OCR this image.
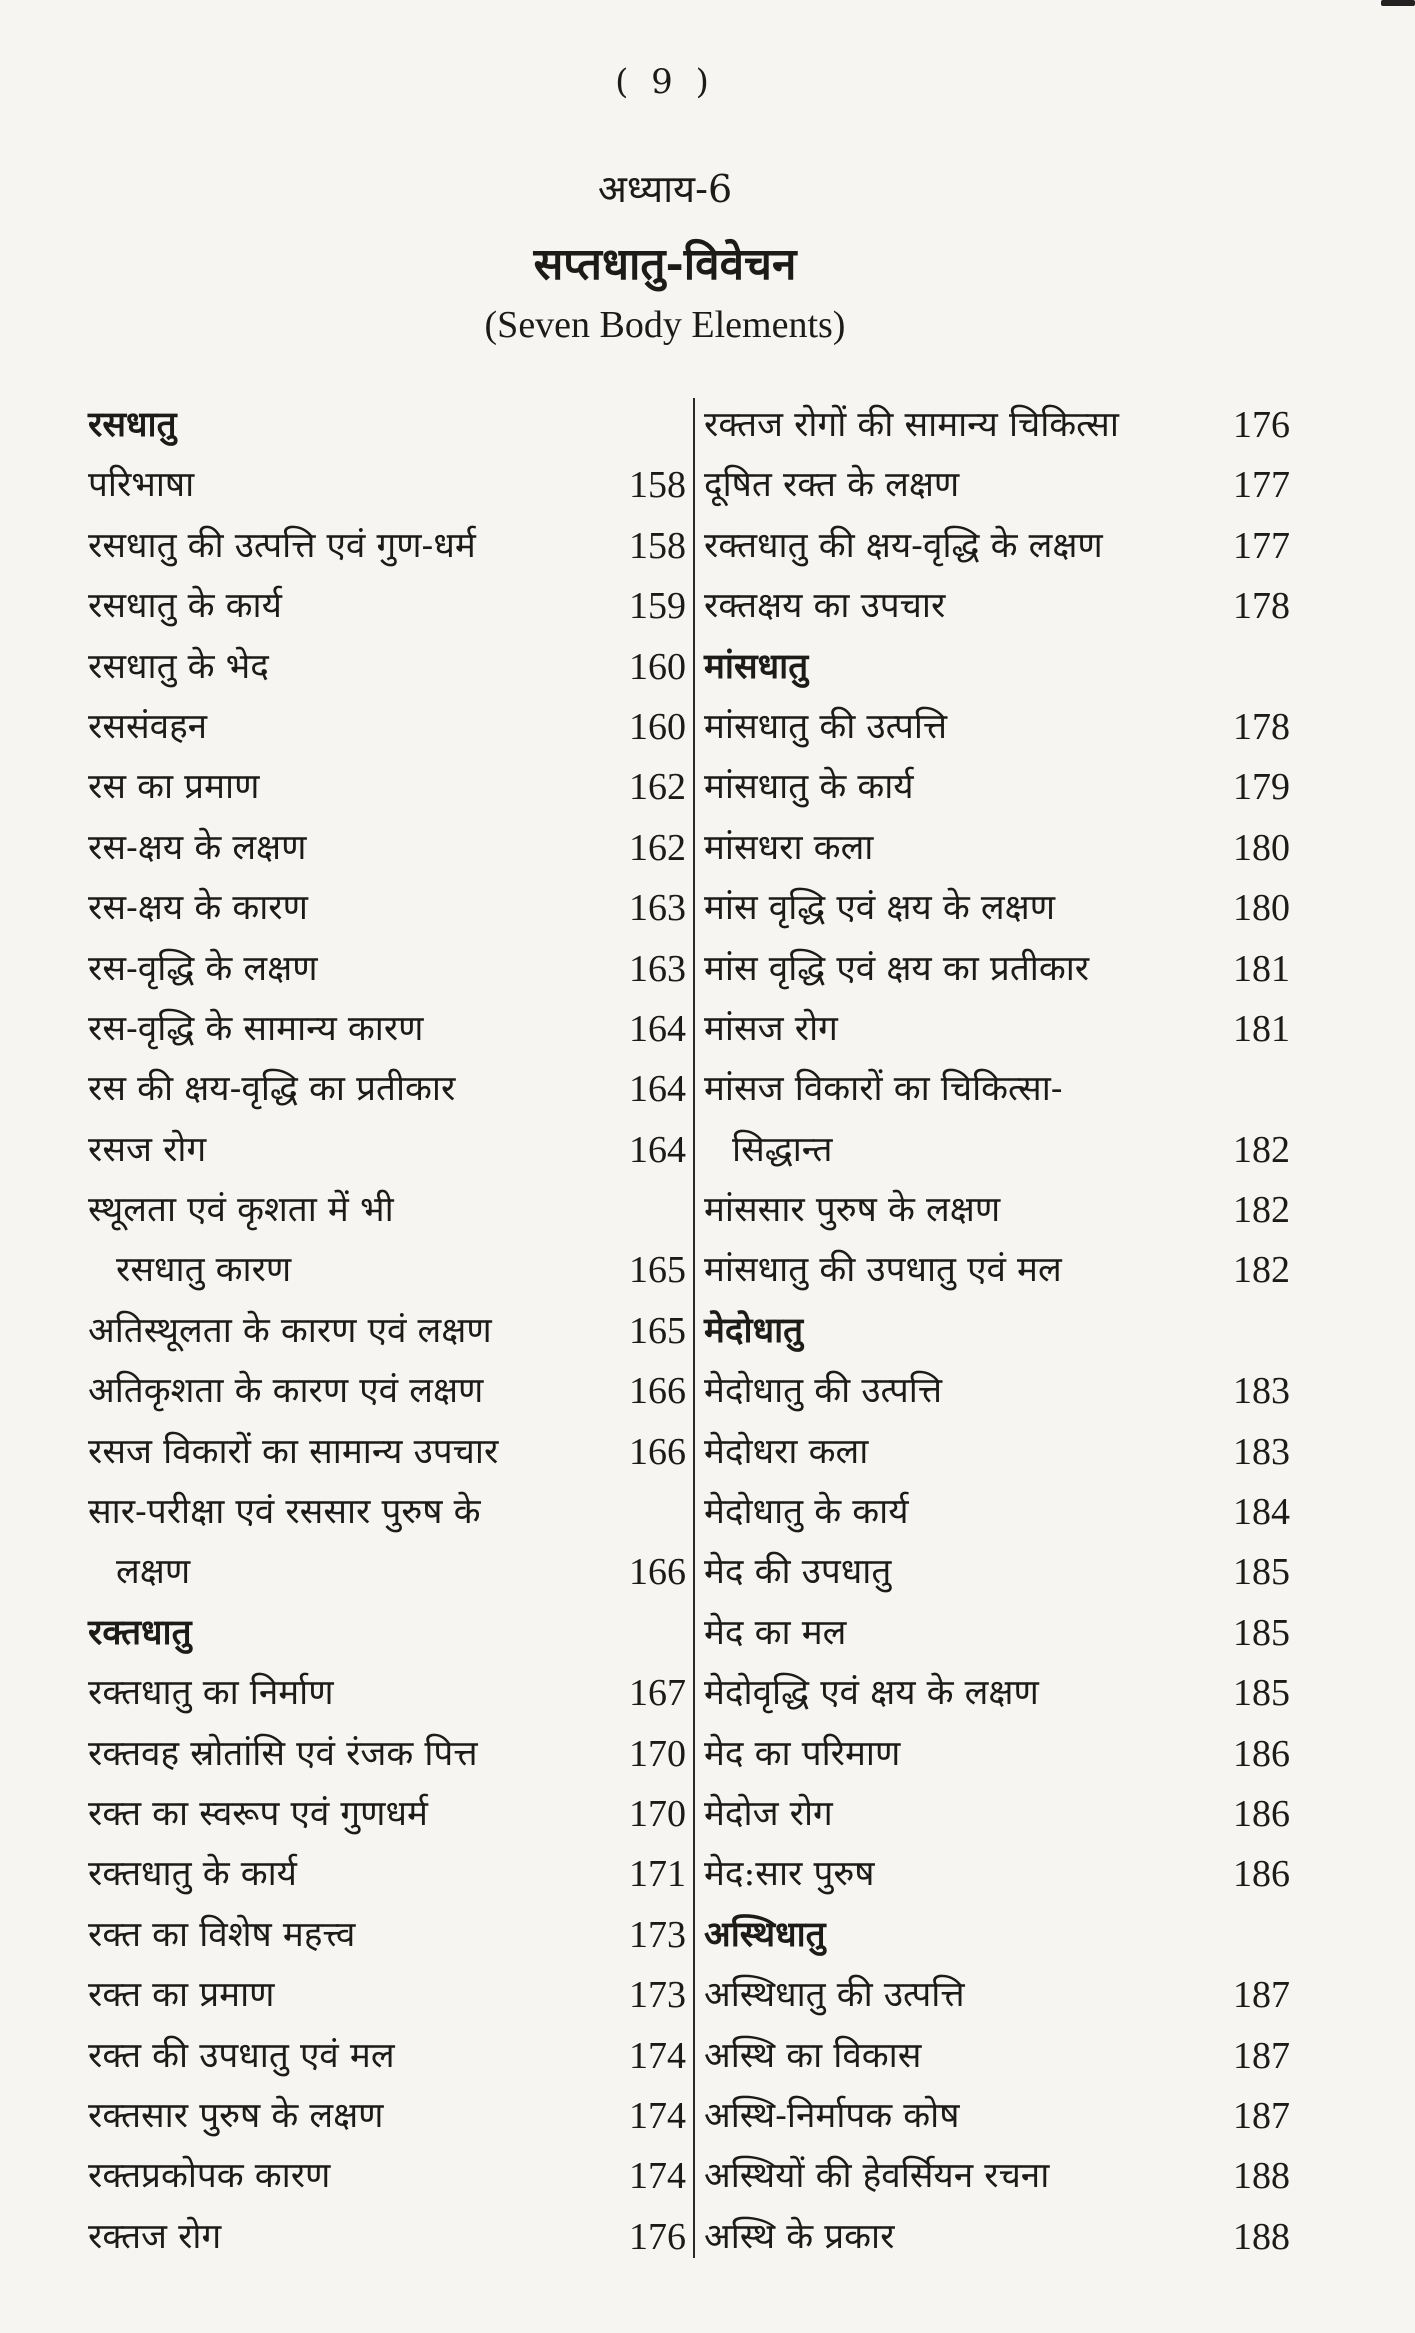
( 9 )
अध्याय-6
सप्तधातु-विवेचन
(Seven Body Elements)
रसधातु
परिभाषा	158
रसधातु की उत्पत्ति एवं गुण-धर्म	158
रसधातु के कार्य	159
रसधातु के भेद	160
रससंवहन	160
रस का प्रमाण	162
रस-क्षय के लक्षण	162
रस-क्षय के कारण	163
रस-वृद्धि के लक्षण	163
रस-वृद्धि के सामान्य कारण	164
रस की क्षय-वृद्धि का प्रतीकार	164
रसज रोग	164
स्थूलता एवं कृशता में भी
रसधातु कारण	165
अतिस्थूलता के कारण एवं लक्षण	165
अतिकृशता के कारण एवं लक्षण	166
रसज विकारों का सामान्य उपचार	166
सार-परीक्षा एवं रससार पुरुष के
लक्षण	166
रक्तधातु
रक्तधातु का निर्माण	167
रक्तवह स्रोतांसि एवं रंजक पित्त	170
रक्त का स्वरूप एवं गुणधर्म	170
रक्तधातु के कार्य	171
रक्त का विशेष महत्त्व	173
रक्त का प्रमाण	173
रक्त की उपधातु एवं मल	174
रक्तसार पुरुष के लक्षण	174
रक्तप्रकोपक कारण	174
रक्तज रोग	176
रक्तज रोगों की सामान्य चिकित्सा	176
दूषित रक्त के लक्षण	177
रक्तधातु की क्षय-वृद्धि के लक्षण	177
रक्तक्षय का उपचार	178
मांसधातु
मांसधातु की उत्पत्ति	178
मांसधातु के कार्य	179
मांसधरा कला	180
मांस वृद्धि एवं क्षय के लक्षण	180
मांस वृद्धि एवं क्षय का प्रतीकार	181
मांसज रोग	181
मांसज विकारों का चिकित्सा-
सिद्धान्त	182
मांससार पुरुष के लक्षण	182
मांसधातु की उपधातु एवं मल	182
मेदोधातु
मेदोधातु की उत्पत्ति	183
मेदोधरा कला	183
मेदोधातु के कार्य	184
मेद की उपधातु	185
मेद का मल	185
मेदोवृद्धि एवं क्षय के लक्षण	185
मेद का परिमाण	186
मेदोज रोग	186
मेद:सार पुरुष	186
अस्थिधातु
अस्थिधातु की उत्पत्ति	187
अस्थि का विकास	187
अस्थि-निर्मापक कोष	187
अस्थियों की हेवर्सियन रचना	188
अस्थि के प्रकार	188
